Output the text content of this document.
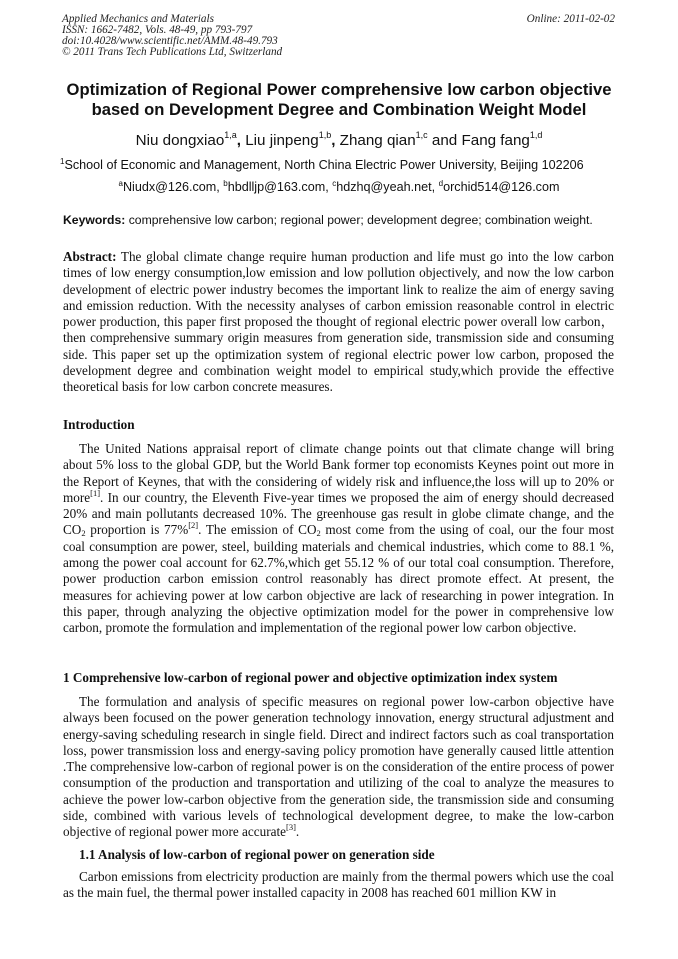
Applied Mechanics and Materials
ISSN: 1662-7482, Vols. 48-49, pp 793-797
doi:10.4028/www.scientific.net/AMM.48-49.793
© 2011 Trans Tech Publications Ltd, Switzerland
Online: 2011-02-02
Optimization of Regional Power comprehensive low carbon objective
based on Development Degree and Combination Weight Model
Niu dongxiao$^{1,a}$, Liu jinpeng$^{1,b}$, Zhang qian$^{1,c}$ and Fang fang$^{1,d}$
$^1$School of Economic and Management, North China Electric Power University, Beijing 102206
$^a$Niudx@126.com, $^b$hbdlljp@163.com, $^c$hdzhq@yeah.net, $^d$orchid514@126.com
Keywords: comprehensive low carbon; regional power; development degree; combination weight.

Abstract: The global climate change require human production and life must go into the low carbon times of low energy consumption,low emission and low pollution objectively, and now the low carbon development of electric power industry becomes the important link to realize the aim of energy saving and emission reduction. With the necessity analyses of carbon emission reasonable control in electric power production, this paper first proposed the thought of regional electric power overall low carbon， then comprehensive summary origin measures from generation side, transmission side and consuming side. This paper set up the optimization system of regional electric power low carbon, proposed the development degree and combination weight model to empirical study,which provide the effective theoretical basis for low carbon concrete measures.

Introduction

The United Nations appraisal report of climate change points out that climate change will bring about 5% loss to the global GDP, but the World Bank former top economists Keynes point out more in the Report of Keynes, that with the considering of widely risk and influence,the loss will up to 20% or more[1]. In our country, the Eleventh Five-year times we proposed the aim of energy should decreased 20% and main pollutants decreased 10%. The greenhouse gas result in globe climate change, and the $CO_2$ proportion is 77%[2]. The emission of $CO_2$ most come from the using of coal, our the four most coal consumption are power, steel, building materials and chemical industries, which come to 88.1 %, among the power coal account for 62.7%,which get 55.12 % of our total coal consumption. Therefore, power production carbon emission control reasonably has direct promote effect. At present, the measures for achieving power at low carbon objective are lack of researching in power integration. In this paper, through analyzing the objective optimization model for the power in comprehensive low carbon, promote the formulation and implementation of the regional power low carbon objective.

1 Comprehensive low-carbon of regional power and objective optimization index system

The formulation and analysis of specific measures on regional power low-carbon objective have always been focused on the power generation technology innovation, energy structural adjustment and energy-saving scheduling research in single field. Direct and indirect factors such as coal transportation loss, power transmission loss and energy-saving policy promotion have generally caused little attention .The comprehensive low-carbon of regional power is on the consideration of the entire process of power consumption of the production and transportation and utilizing of the coal to analyze the measures to achieve the power low-carbon objective from the generation side, the transmission side and consuming side, combined with various levels of technological development degree, to make the low-carbon objective of regional power more accurate[3].

1.1 Analysis of low-carbon of regional power on generation side

Carbon emissions from electricity production are mainly from the thermal powers which use the coal as the main fuel, the thermal power installed capacity in 2008 has reached 601 million KW in
